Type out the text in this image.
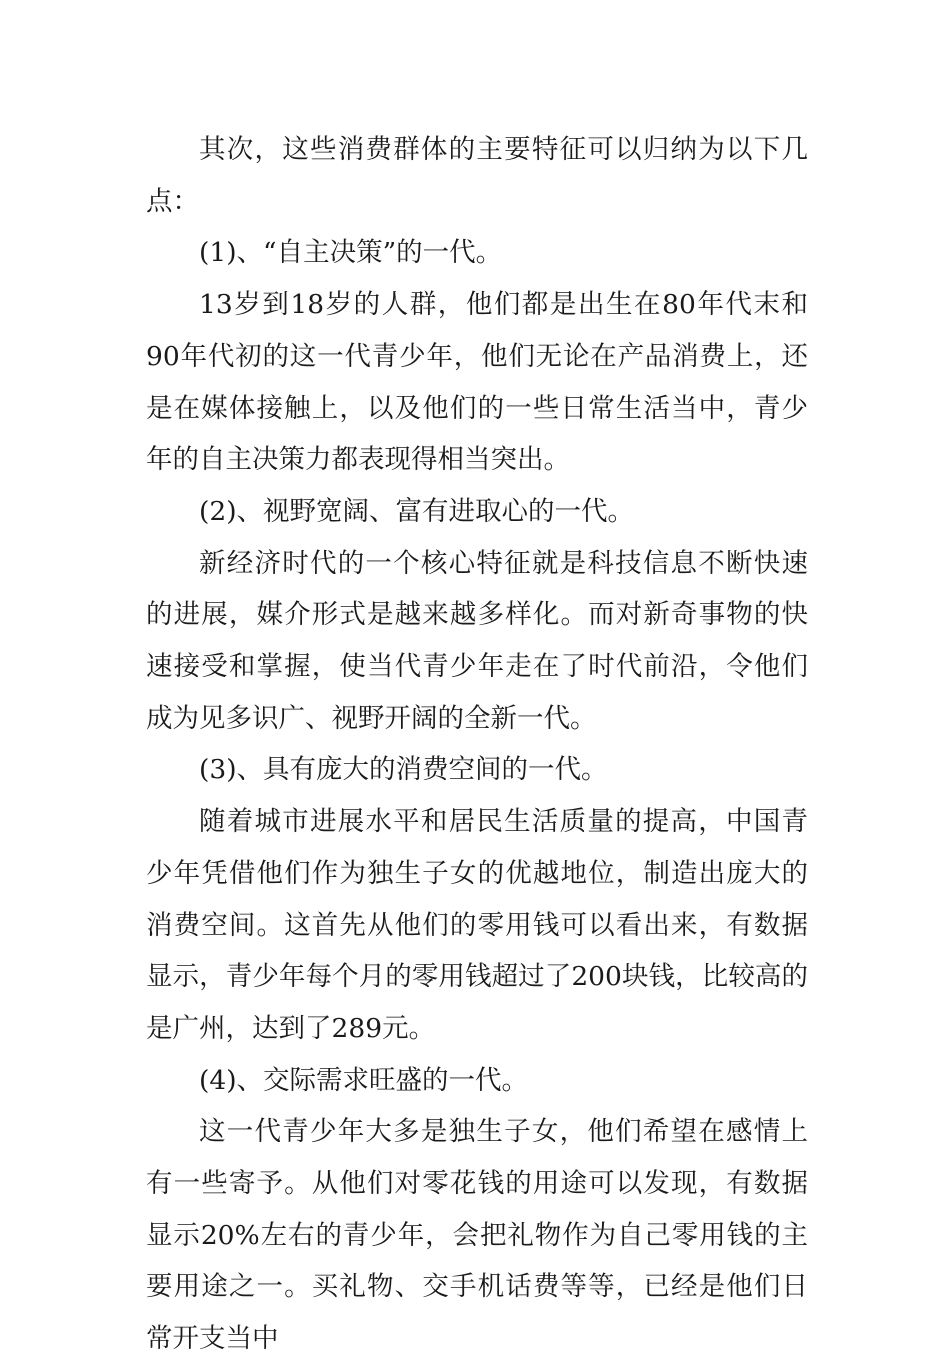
其次，这些消费群体的主要特征可以归纳为以下几点：

(1)、“自主决策”的一代。

13岁到18岁的人群，他们都是出生在80年代末和90年代初的这一代青少年，他们无论在产品消费上，还是在媒体接触上，以及他们的一些日常生活当中，青少年的自主决策力都表现得相当突出。

(2)、视野宽阔、富有进取心的一代。

新经济时代的一个核心特征就是科技信息不断快速的进展，媒介形式是越来越多样化。而对新奇事物的快速接受和掌握，使当代青少年走在了时代前沿，令他们成为见多识广、视野开阔的全新一代。

(3)、具有庞大的消费空间的一代。

随着城市进展水平和居民生活质量的提高，中国青少年凭借他们作为独生子女的优越地位，制造出庞大的消费空间。这首先从他们的零用钱可以看出来，有数据显示，青少年每个月的零用钱超过了200块钱，比较高的是广州，达到了289元。

(4)、交际需求旺盛的一代。

这一代青少年大多是独生子女，他们希望在感情上有一些寄予。从他们对零花钱的用途可以发现，有数据显示20%左右的青少年，会把礼物作为自己零用钱的主要用途之一。买礼物、交手机话费等等，已经是他们日常开支当中
